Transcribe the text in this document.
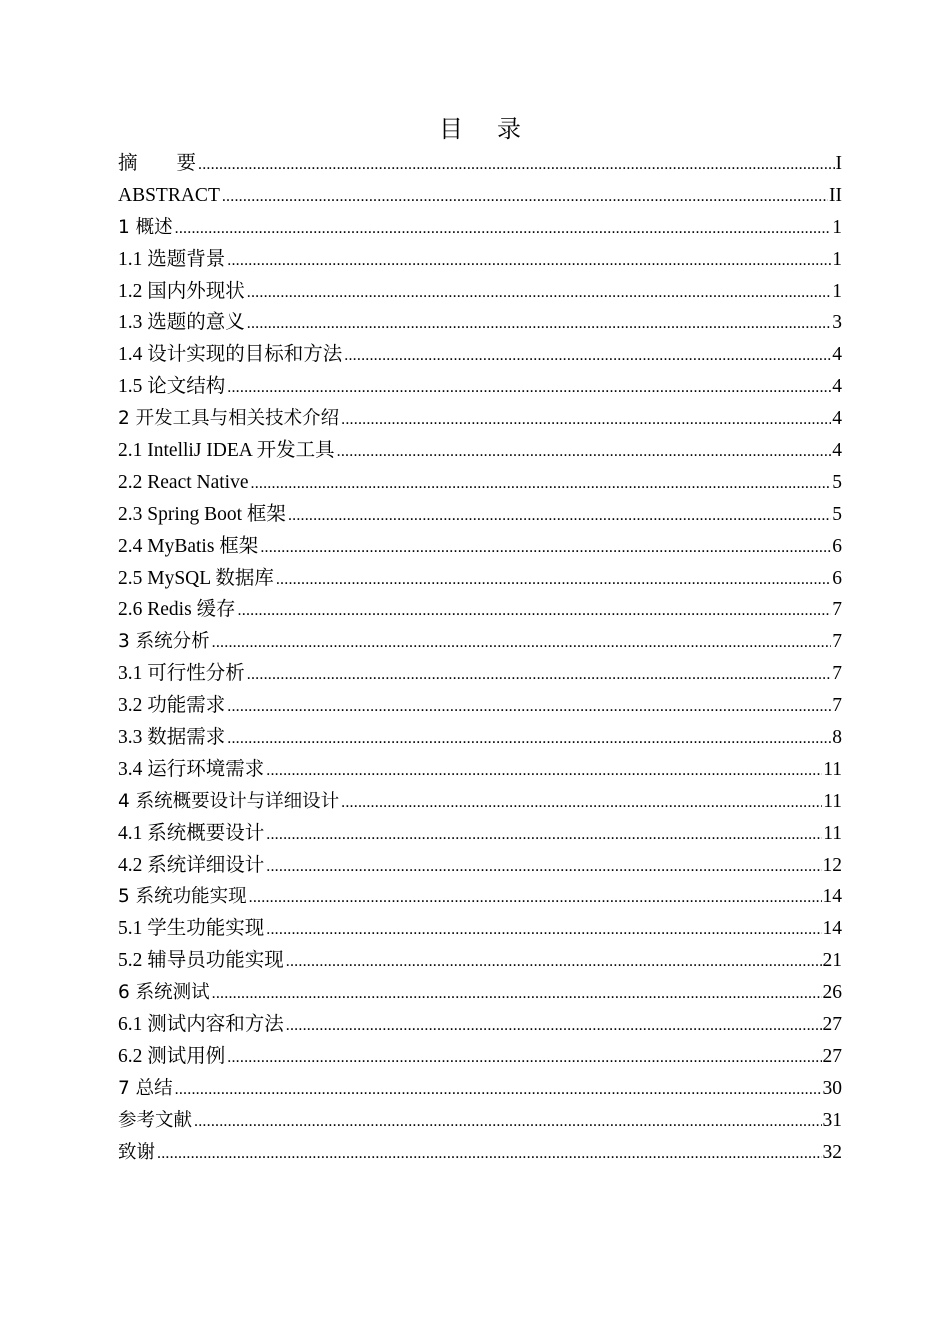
目 录
摘　　要 .....	I
ABSTRACT .....	II
1 概述 .....	1
1.1 选题背景 .....	1
1.2 国内外现状 .....	1
1.3 选题的意义 .....	3
1.4 设计实现的目标和方法 .....	4
1.5 论文结构 .....	4
2 开发工具与相关技术介绍 .....	4
2.1 IntelliJ IDEA 开发工具 .....	4
2.2 React Native .....	5
2.3 Spring Boot 框架 .....	5
2.4 MyBatis 框架 .....	6
2.5 MySQL 数据库 .....	6
2.6 Redis 缓存 .....	7
3 系统分析 .....	7
3.1 可行性分析 .....	7
3.2 功能需求 .....	7
3.3 数据需求 .....	8
3.4 运行环境需求 .....	11
4 系统概要设计与详细设计 .....	11
4.1 系统概要设计 .....	11
4.2 系统详细设计 .....	12
5 系统功能实现 .....	14
5.1 学生功能实现 .....	14
5.2 辅导员功能实现 .....	21
6 系统测试 .....	26
6.1 测试内容和方法 .....	27
6.2 测试用例 .....	27
7 总结 .....	30
参考文献 .....	31
致谢 .....	32
